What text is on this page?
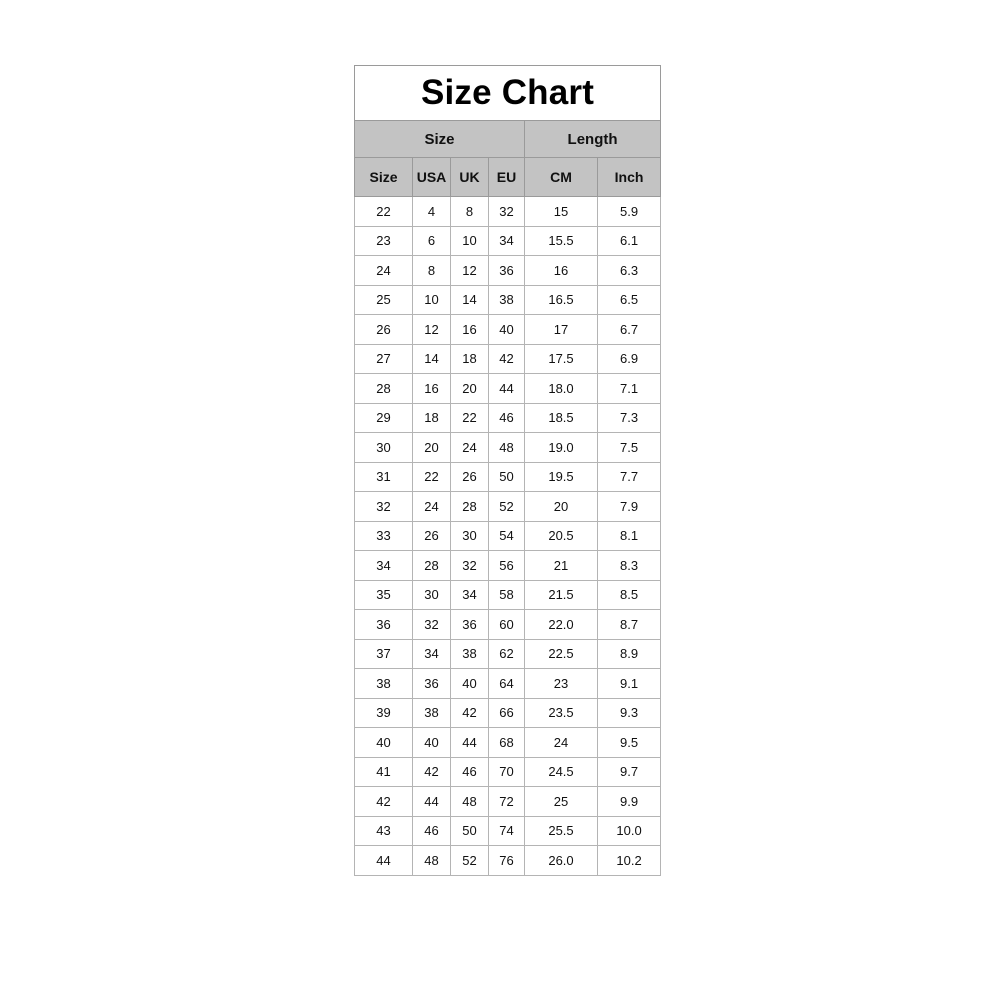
Size Chart					
Size				Length	
Size	USA	UK	EU	CM	Inch
22	4	8	32	15	5.9
23	6	10	34	15.5	6.1
24	8	12	36	16	6.3
25	10	14	38	16.5	6.5
26	12	16	40	17	6.7
27	14	18	42	17.5	6.9
28	16	20	44	18.0	7.1
29	18	22	46	18.5	7.3
30	20	24	48	19.0	7.5
31	22	26	50	19.5	7.7
32	24	28	52	20	7.9
33	26	30	54	20.5	8.1
34	28	32	56	21	8.3
35	30	34	58	21.5	8.5
36	32	36	60	22.0	8.7
37	34	38	62	22.5	8.9
38	36	40	64	23	9.1
39	38	42	66	23.5	9.3
40	40	44	68	24	9.5
41	42	46	70	24.5	9.7
42	44	48	72	25	9.9
43	46	50	74	25.5	10.0
44	48	52	76	26.0	10.2
